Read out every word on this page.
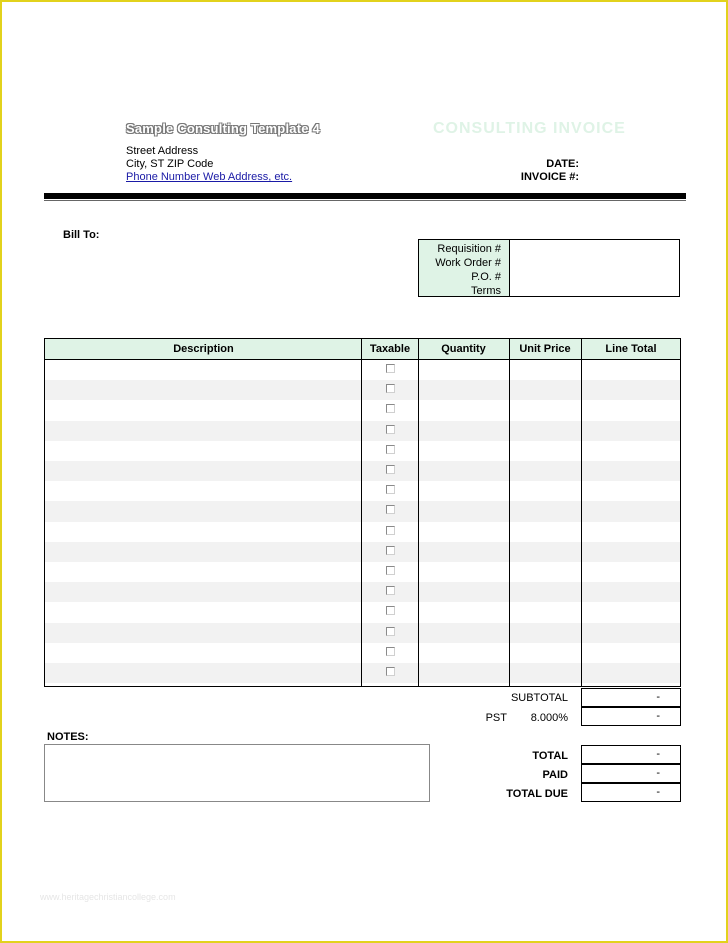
Sample Consulting Template 4	CONSULTING INVOICE
Street Address
City, ST ZIP Code
Phone Number Web Address, etc.
DATE:
INVOICE #:
Bill To:
Requisition #
Work Order #
P.O. #
Terms
Description	Taxable	Quantity	Unit Price	Line Total
SUBTOTAL	-
PST	8.000%	-
NOTES:
TOTAL	-
PAID	-
TOTAL DUE	-
www.heritagechristiancollege.com
